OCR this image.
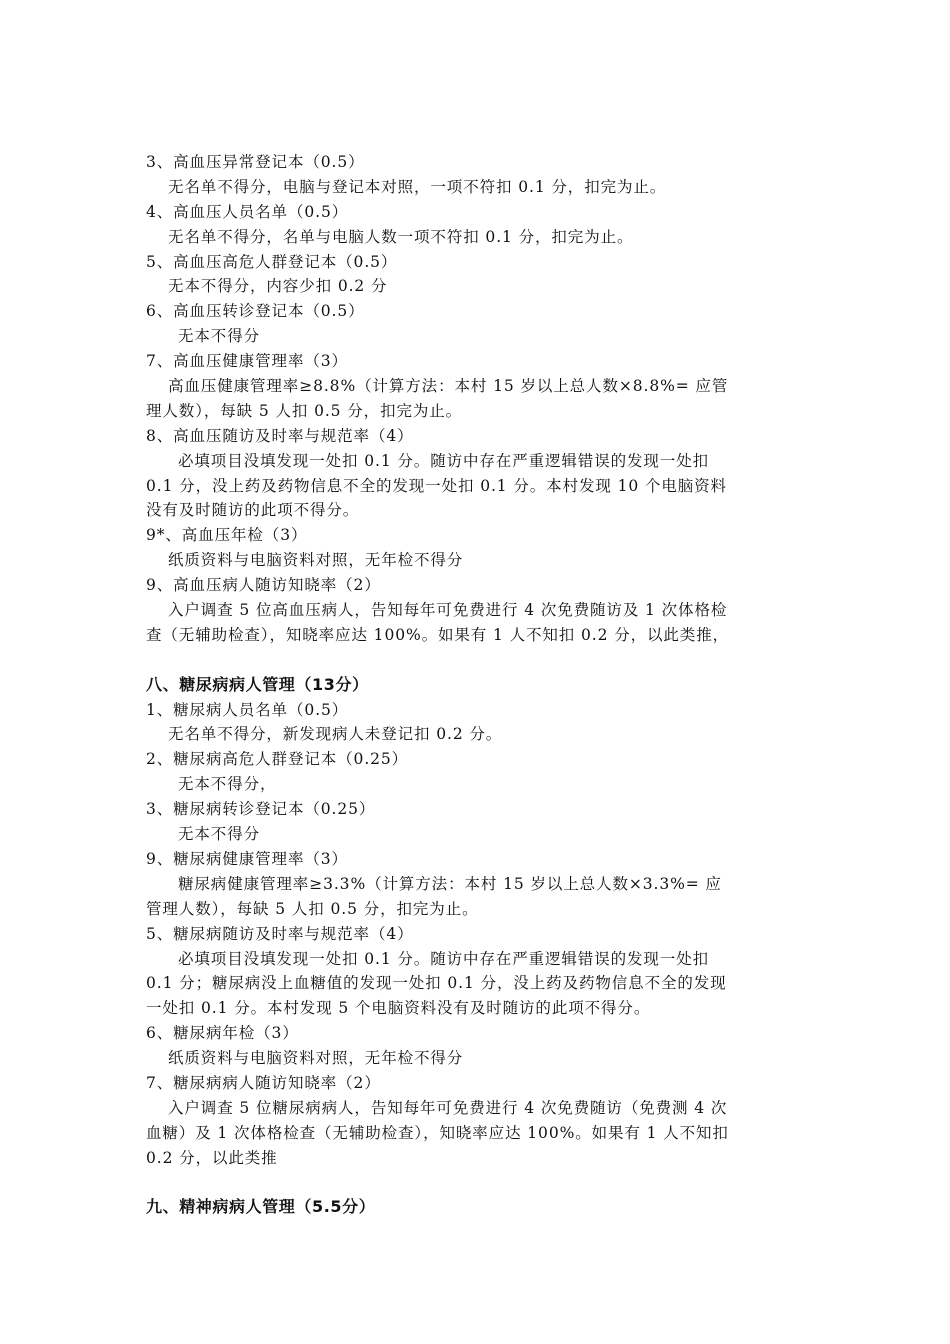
3、高血压异常登记本（0.5）
无名单不得分，电脑与登记本对照，一项不符扣 0.1 分，扣完为止。
4、高血压人员名单（0.5）
无名单不得分，名单与电脑人数一项不符扣 0.1 分，扣完为止。
5、高血压高危人群登记本（0.5）
无本不得分，内容少扣 0.2 分
6、高血压转诊登记本（0.5）
无本不得分
7、高血压健康管理率（3）
高血压健康管理率≥8.8%（计算方法：本村 15 岁以上总人数×8.8%= 应管
理人数），每缺 5 人扣 0.5 分，扣完为止。
8、高血压随访及时率与规范率（4）
必填项目没填发现一处扣 0.1 分。随访中存在严重逻辑错误的发现一处扣
0.1 分，没上药及药物信息不全的发现一处扣 0.1 分。本村发现 10 个电脑资料
没有及时随访的此项不得分。
9*、高血压年检（3）
纸质资料与电脑资料对照，无年检不得分
9、高血压病人随访知晓率（2）
入户调查 5 位高血压病人，告知每年可免费进行 4 次免费随访及 1 次体格检
查（无辅助检查），知晓率应达 100%。如果有 1 人不知扣 0.2 分，以此类推，
八、糖尿病病人管理（13分）
1、糖尿病人员名单（0.5）
无名单不得分，新发现病人未登记扣 0.2 分。
2、糖尿病高危人群登记本（0.25）
无本不得分，
3、糖尿病转诊登记本（0.25）
无本不得分
9、糖尿病健康管理率（3）
糖尿病健康管理率≥3.3%（计算方法：本村 15 岁以上总人数×3.3%= 应
管理人数），每缺 5 人扣 0.5 分，扣完为止。
5、糖尿病随访及时率与规范率（4）
必填项目没填发现一处扣 0.1 分。随访中存在严重逻辑错误的发现一处扣
0.1 分；糖尿病没上血糖值的发现一处扣 0.1 分，没上药及药物信息不全的发现
一处扣 0.1 分。本村发现 5 个电脑资料没有及时随访的此项不得分。
6、糖尿病年检（3）
纸质资料与电脑资料对照，无年检不得分
7、糖尿病病人随访知晓率（2）
入户调查 5 位糖尿病病人，告知每年可免费进行 4 次免费随访（免费测 4 次
血糖）及 1 次体格检查（无辅助检查），知晓率应达 100%。如果有 1 人不知扣
0.2 分，以此类推
九、精神病病人管理（5.5分）
